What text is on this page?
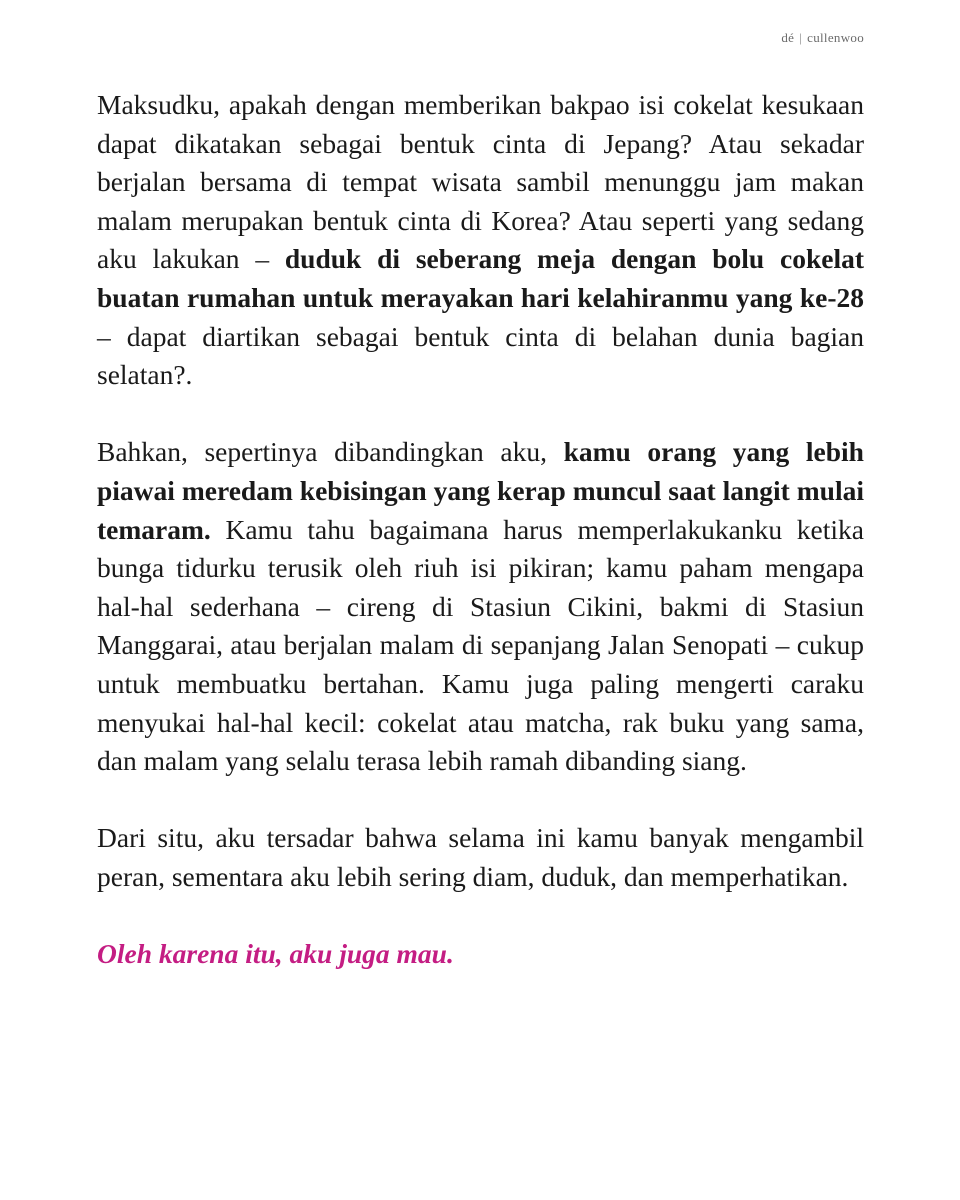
dé | cullenwoo

Maksudku, apakah dengan memberikan bakpao isi cokelat kesukaan dapat dikatakan sebagai bentuk cinta di Jepang? Atau sekadar berjalan bersama di tempat wisata sambil menunggu jam makan malam merupakan bentuk cinta di Korea? Atau seperti yang sedang aku lakukan – duduk di seberang meja dengan bolu cokelat buatan rumahan untuk merayakan hari kelahiranmu yang ke-28 – dapat diartikan sebagai bentuk cinta di belahan dunia bagian selatan?.

Bahkan, sepertinya dibandingkan aku, kamu orang yang lebih piawai meredam kebisingan yang kerap muncul saat langit mulai temaram. Kamu tahu bagaimana harus memperlakukanku ketika bunga tidurku terusik oleh riuh isi pikiran; kamu paham mengapa hal-hal sederhana – cireng di Stasiun Cikini, bakmi di Stasiun Manggarai, atau berjalan malam di sepanjang Jalan Senopati – cukup untuk membuatku bertahan. Kamu juga paling mengerti caraku menyukai hal-hal kecil: cokelat atau matcha, rak buku yang sama, dan malam yang selalu terasa lebih ramah dibanding siang.

Dari situ, aku tersadar bahwa selama ini kamu banyak mengambil peran, sementara aku lebih sering diam, duduk, dan memperhatikan.

Oleh karena itu, aku juga mau.
